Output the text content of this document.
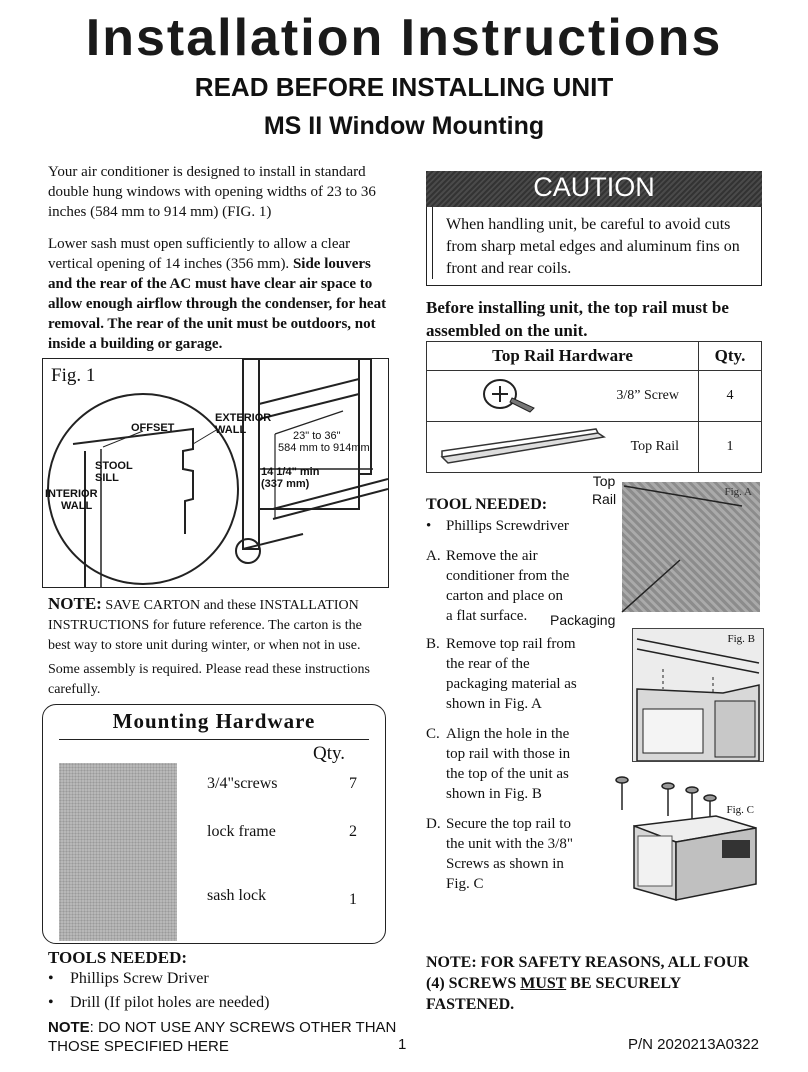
Installation Instructions
READ BEFORE INSTALLING UNIT
MS II Window Mounting
Your air conditioner is designed to install in standard double hung windows with opening widths of 23 to 36 inches (584 mm to 914 mm) (FIG. 1)
Lower sash must open sufficiently to allow a clear vertical opening of 14 inches (356 mm). Side louvers and the rear of the AC must have clear air space to allow enough airflow through the condenser, for heat removal. The rear of the unit must be outdoors, not inside a building or garage.
EXTERIOR
WALL
OFFSET
STOOL
SILL
INTERIOR
WALL
23" to 36"
584 mm to 914mm
14 1/4" min
(337 mm)
Fig. 1
NOTE: SAVE CARTON and these INSTALLATION INSTRUCTIONS for future reference. The carton is the best way to store unit during winter, or when not in use.
Some assembly is required. Please read these instructions carefully.
Mounting Hardware
Qty.
3/4"screws	7
lock frame	2
sash lock	1
TOOLS NEEDED:
• Phillips Screw Driver
• Drill (If pilot holes are needed)
NOTE: DO NOT USE ANY SCREWS OTHER THAN THOSE SPECIFIED HERE	1	P/N 2020213A0322
CAUTION
When handling unit, be careful to avoid cuts from sharp metal edges and aluminum fins on front and rear coils.
Before installing unit, the top rail must be assembled on the unit.
Top Rail Hardware	Qty.

3/8” Screw	4

Top Rail	1
Fig. A
Top Rail
Packaging
TOOL NEEDED:
• Phillips Screwdriver
A. Remove the air conditioner from the carton and place on a flat surface.
B. Remove top rail from the rear of the packaging material as shown in Fig. A
C. Align the hole in the top rail with those in the top of the unit as shown in Fig. B
D. Secure the top rail to the unit with the 3/8" Screws as shown in Fig. C
Fig. B
Fig. C
NOTE: FOR SAFETY REASONS, ALL FOUR (4) SCREWS MUST BE SECURELY FASTENED.
